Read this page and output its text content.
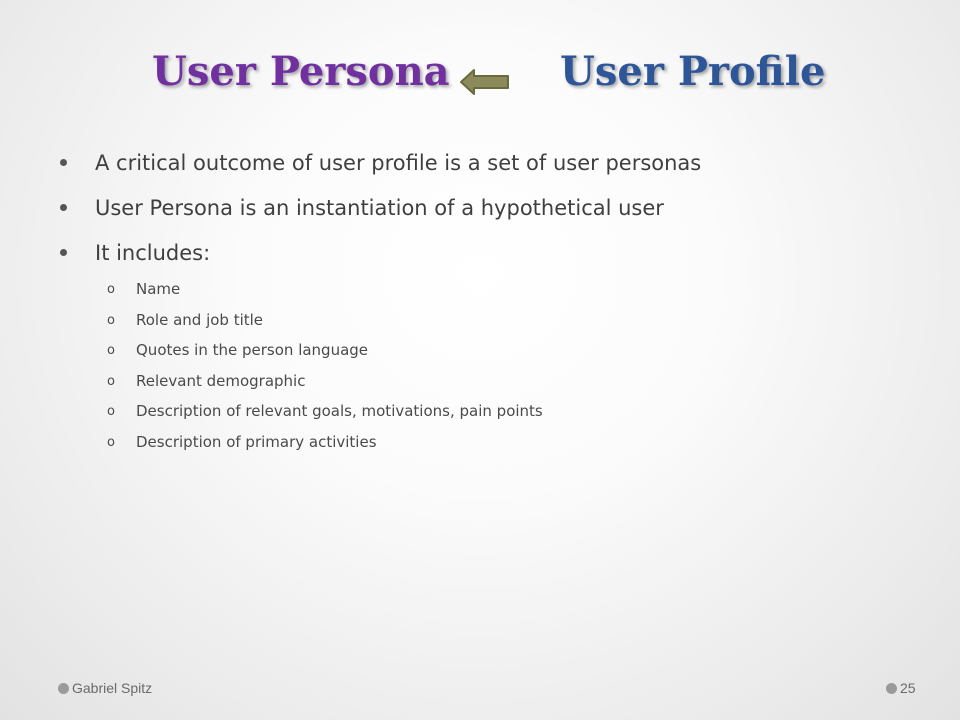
User Persona	User Profile
A critical outcome of user profile is a set of user personas
User Persona is an instantiation of a hypothetical user
It includes:
o Name
o Role and job title
o Quotes in the person language
o Relevant demographic
o Description of relevant goals, motivations, pain points
o Description of primary activities
Gabriel Spitz	25
